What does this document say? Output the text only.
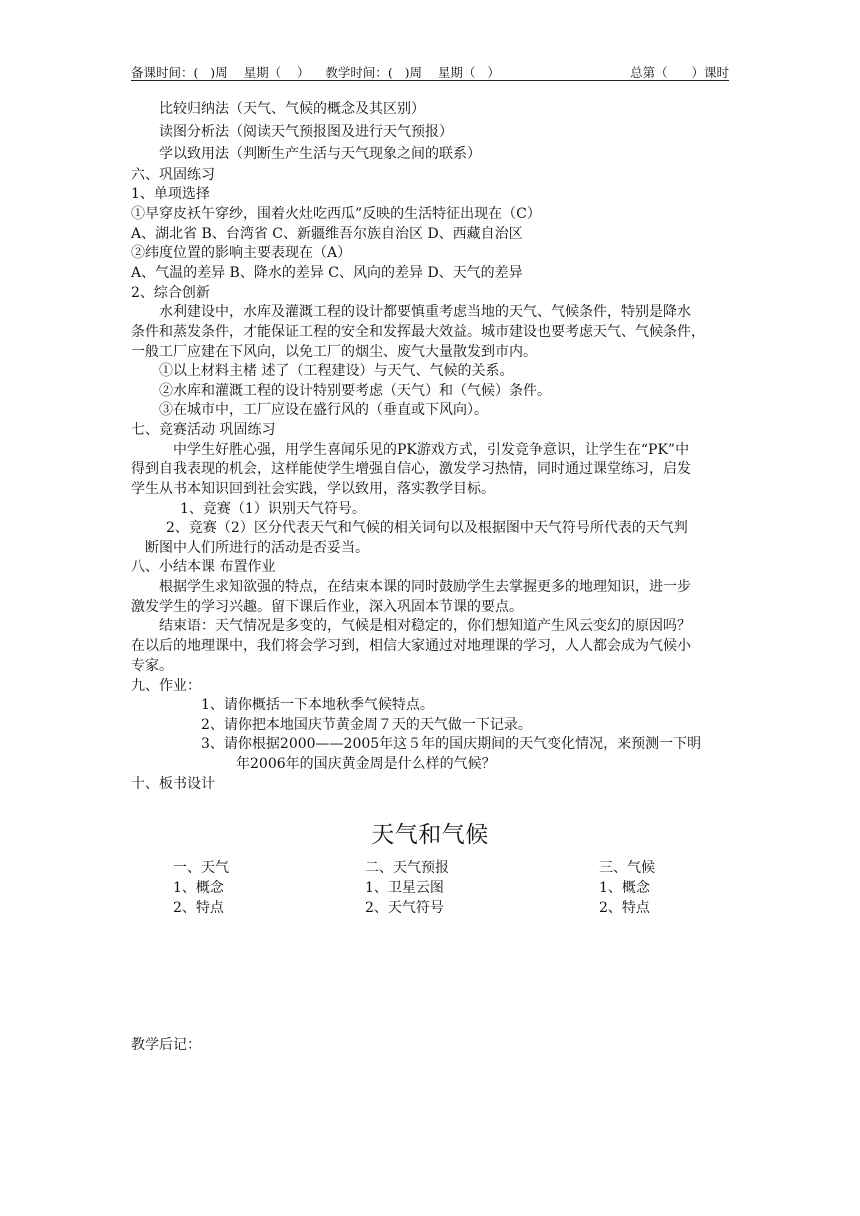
备课时间：(   )周    星期（    ）    教学时间：(   )周    星期（   ）	总第（      ）课时
比较归纳法（天气、气候的概念及其区别）
读图分析法（阅读天气预报图及进行天气预报）
学以致用法（判断生产生活与天气现象之间的联系）
六、巩固练习
1、单项选择
①早穿皮袄午穿纱，围着火灶吃西瓜”反映的生活特征出现在（C）
A、湖北省 B、台湾省 C、新疆维吾尔族自治区 D、西藏自治区
②纬度位置的影响主要表现在（A）
A、气温的差异 B、降水的差异 C、风向的差异 D、天气的差异
2、综合创新
水利建设中，水库及灌溉工程的设计都要慎重考虑当地的天气、气候条件，特别是降水
条件和蒸发条件，才能保证工程的安全和发挥最大效益。城市建设也要考虑天气、气候条件，
一般工厂应建在下风向，以免工厂的烟尘、废气大量散发到市内。
①以上材料主楮 述了（工程建设）与天气、气候的关系。
②水库和灌溉工程的设计特别要考虑（天气）和（气候）条件。
③在城市中，工厂应设在盛行风的（垂直或下风向）。
七、竞赛活动 巩固练习
中学生好胜心强，用学生喜闻乐见的PK游戏方式，引发竞争意识，让学生在“PK”中
得到自我表现的机会，这样能使学生增强自信心，激发学习热情，同时通过课堂练习，启发
学生从书本知识回到社会实践，学以致用，落实教学目标。
1、竞赛（1）识别天气符号。
2、竞赛（2）区分代表天气和气候的相关词句以及根据图中天气符号所代表的天气判
断图中人们所进行的活动是否妥当。
八、小结本课 布置作业
根据学生求知欲强的特点，在结束本课的同时鼓励学生去掌握更多的地理知识，进一步
激发学生的学习兴趣。留下课后作业，深入巩固本节课的要点。
结束语：天气情况是多变的，气候是相对稳定的，你们想知道产生风云变幻的原因吗？
在以后的地理课中，我们将会学习到，相信大家通过对地理课的学习，人人都会成为气候小
专家。
九、作业：
1、请你概括一下本地秋季气候特点。
2、请你把本地国庆节黄金周７天的天气做一下记录。
3、请你根据2000——2005年这５年的国庆期间的天气变化情况，来预测一下明
年2006年的国庆黄金周是什么样的气候？
十、板书设计
天气和气候
一、天气
1、概念
2、特点
二、天气预报
1、卫星云图
2、天气符号
三、气候
1、概念
2、特点
教学后记：
